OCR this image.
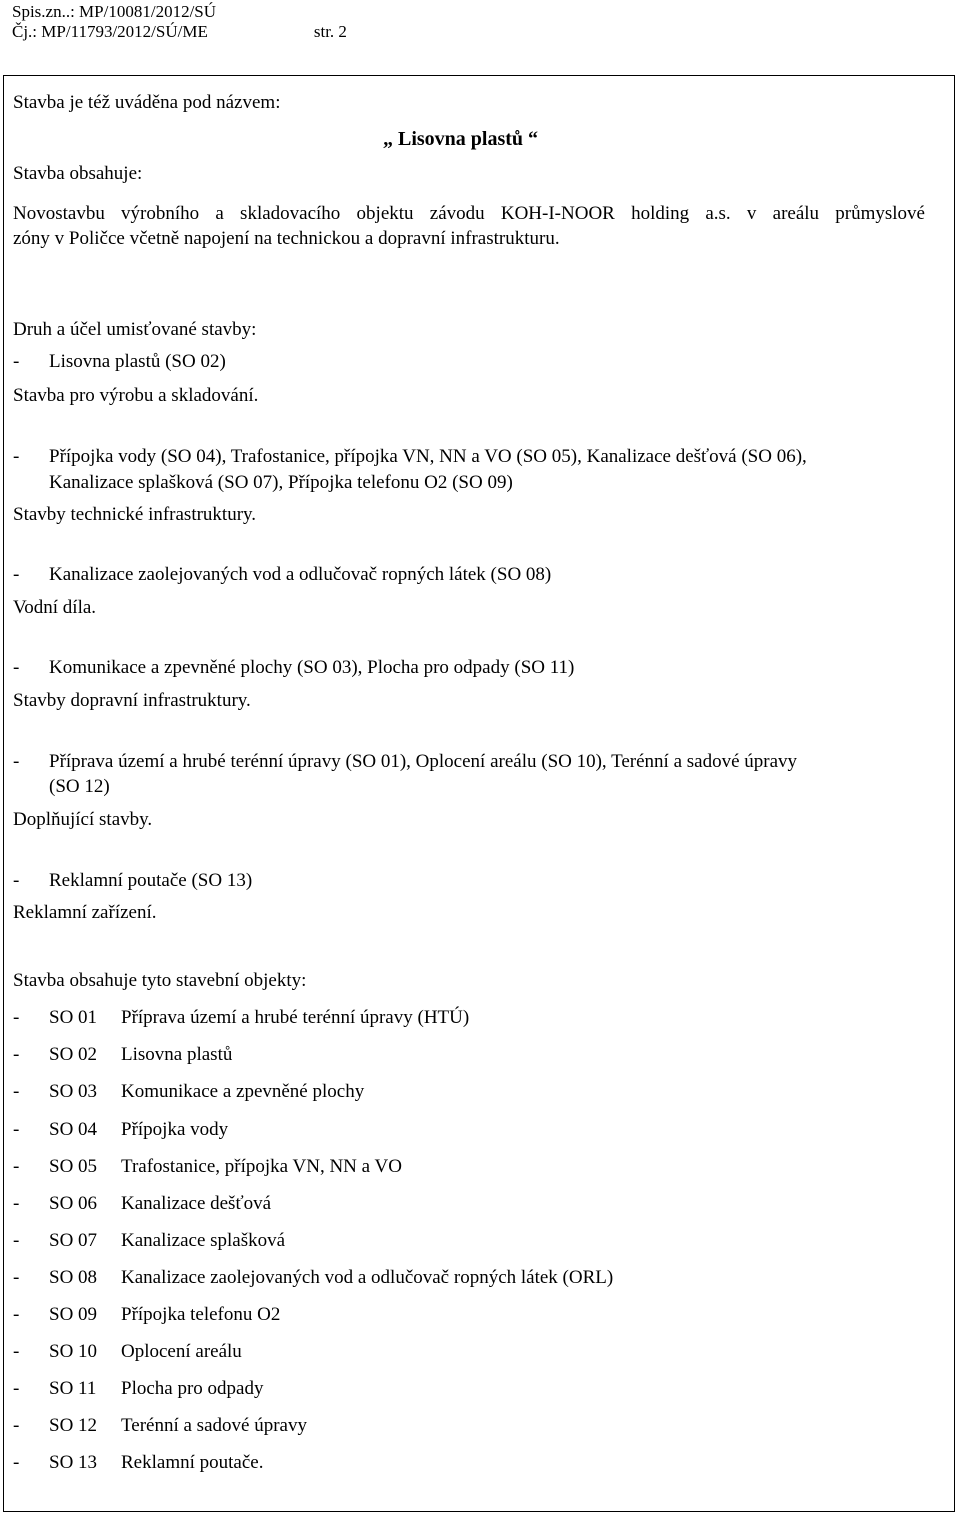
Spis.zn..: MP/10081/2012/SÚ
Čj.: MP/11793/2012/SÚ/ME	str. 2
Stavba je též uváděna pod názvem:
„ Lisovna plastů “
Stavba obsahuje:
Novostavbu výrobního a skladovacího objektu závodu KOH-I-NOOR holding a.s. v areálu průmyslové
zóny v Poličce včetně napojení na technickou a dopravní infrastrukturu.
Druh a účel umisťované stavby:
- Lisovna plastů (SO 02)
Stavba pro výrobu a skladování.
- Přípojka vody (SO 04), Trafostanice, přípojka VN, NN a VO (SO 05), Kanalizace dešťová (SO 06),
Kanalizace splašková (SO 07), Přípojka telefonu O2 (SO 09)
Stavby technické infrastruktury.
- Kanalizace zaolejovaných vod a odlučovač ropných látek (SO 08)
Vodní díla.
- Komunikace a zpevněné plochy (SO 03), Plocha pro odpady (SO 11)
Stavby dopravní infrastruktury.
- Příprava území a hrubé terénní úpravy (SO 01), Oplocení areálu (SO 10), Terénní a sadové úpravy
(SO 12)
Doplňující stavby.
- Reklamní poutače (SO 13)
Reklamní zařízení.
Stavba obsahuje tyto stavební objekty:
- SO 01 Příprava území a hrubé terénní úpravy (HTÚ)
- SO 02 Lisovna plastů
- SO 03 Komunikace a zpevněné plochy
- SO 04 Přípojka vody
- SO 05 Trafostanice, přípojka VN, NN a VO
- SO 06 Kanalizace dešťová
- SO 07 Kanalizace splašková
- SO 08 Kanalizace zaolejovaných vod a odlučovač ropných látek (ORL)
- SO 09 Přípojka telefonu O2
- SO 10 Oplocení areálu
- SO 11 Plocha pro odpady
- SO 12 Terénní a sadové úpravy
- SO 13 Reklamní poutače.
